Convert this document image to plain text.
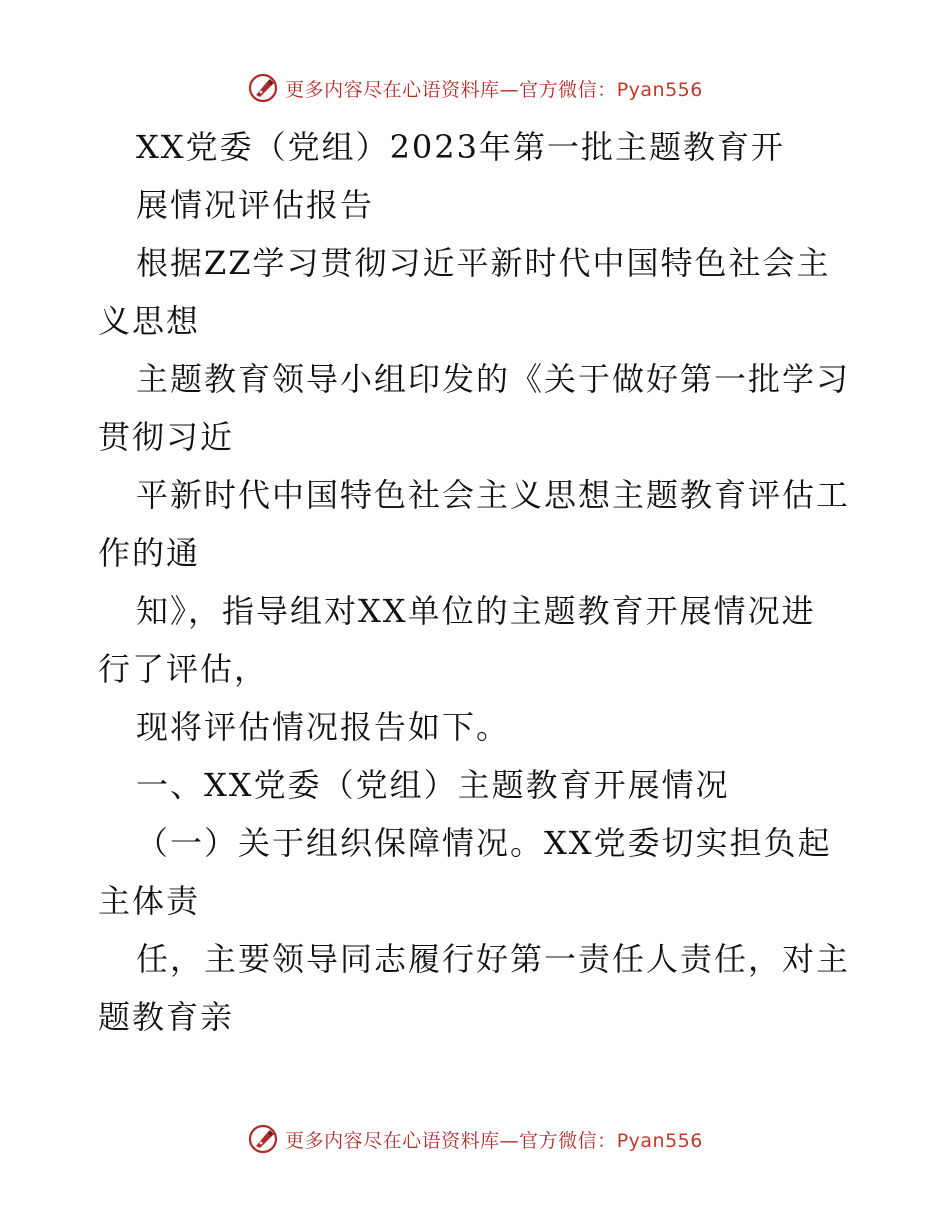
更多内容尽在心语资料库—官方微信：Pyan556
XX党委（党组）2023年第一批主题教育开
展情况评估报告
根据ZZ学习贯彻习近平新时代中国特色社会主
义思想
主题教育领导小组印发的《关于做好第一批学习
贯彻习近
平新时代中国特色社会主义思想主题教育评估工
作的通
知》，指导组对XX单位的主题教育开展情况进
行了评估，
现将评估情况报告如下。
一、XX党委（党组）主题教育开展情况
（一）关于组织保障情况。XX党委切实担负起
主体责
任，主要领导同志履行好第一责任人责任，对主
题教育亲
更多内容尽在心语资料库—官方微信：Pyan556
